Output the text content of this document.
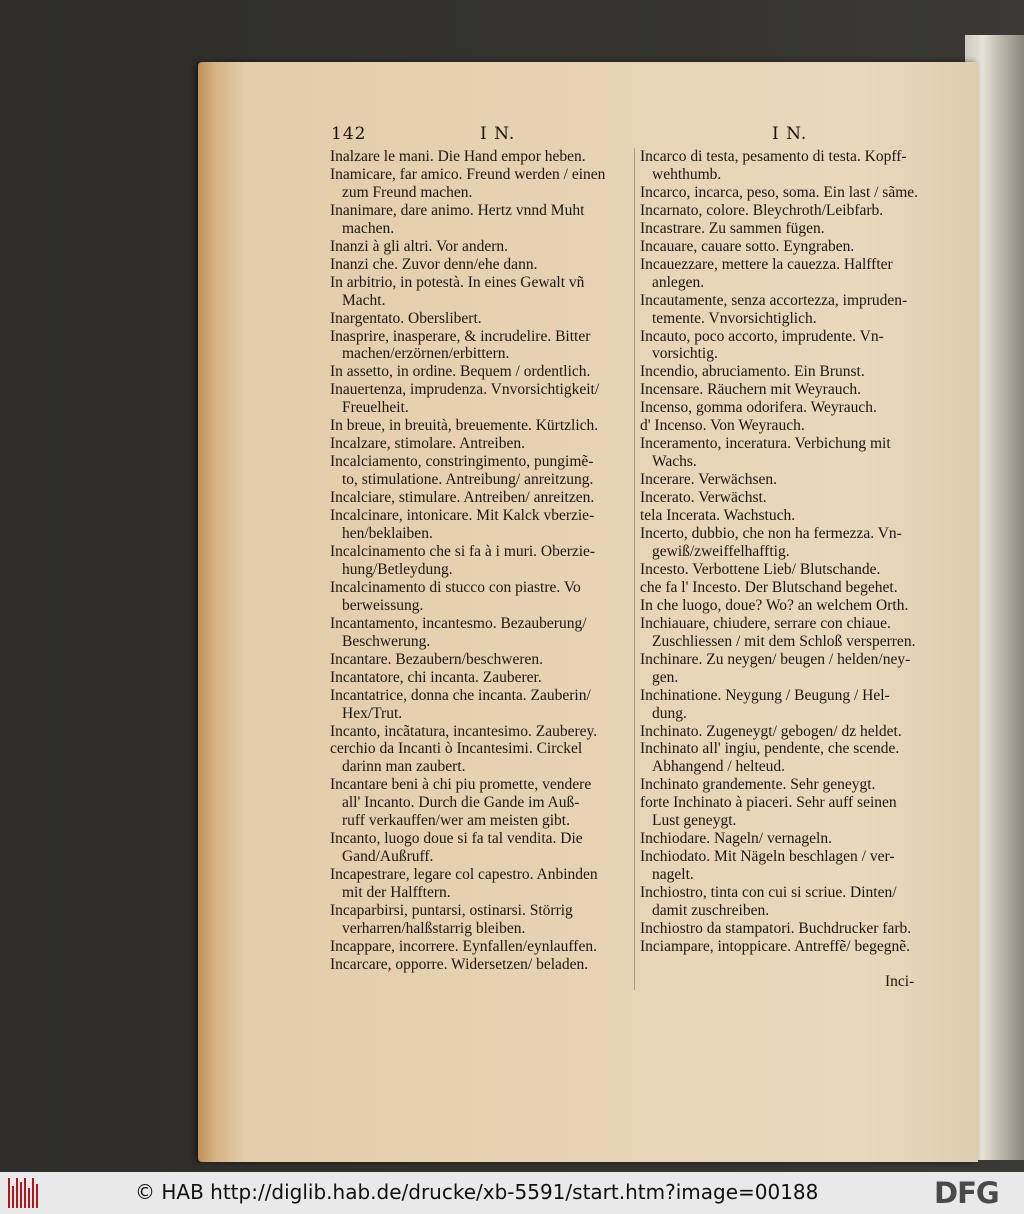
142	I N.	I N.
Inalzare le mani. Die Hand empor heben.
Inamicare, far amico. Freund werden / einen
zum Freund machen.
Inanimare, dare animo. Hertz vnnd Muht
machen.
Inanzi à gli altri. Vor andern.
Inanzi che. Zuvor denn/ehe dann.
In arbitrio, in potestà. In eines Gewalt vñ
Macht.
Inargentato. Oberslibert.
Inasprire, inasperare, & incrudelire. Bitter
machen/erzörnen/erbittern.
In assetto, in ordine. Bequem / ordentlich.
Inauertenza, imprudenza. Vnvorsichtigkeit/
Freuelheit.
In breue, in breuità, breuemente. Kürtzlich.
Incalzare, stimolare. Antreiben.
Incalciamento, constringimento, pungimẽ-
to, stimulatione. Antreibung/ anreitzung.
Incalciare, stimulare. Antreiben/ anreitzen.
Incalcinare, intonicare. Mit Kalck vberzie-
hen/beklaiben.
Incalcinamento che si fa à i muri. Oberzie-
hung/Betleydung.
Incalcinamento di stucco con piastre. Vo
berweissung.
Incantamento, incantesmo. Bezauberung/
Beschwerung.
Incantare. Bezaubern/beschweren.
Incantatore, chi incanta. Zauberer.
Incantatrice, donna che incanta. Zauberin/
Hex/Trut.
Incanto, incãtatura, incantesimo. Zauberey.
cerchio da Incanti ò Incantesimi. Circkel
darinn man zaubert.
Incantare beni à chi piu promette, vendere
all' Incanto. Durch die Gande im Auß-
ruff verkauffen/wer am meisten gibt.
Incanto, luogo doue si fa tal vendita. Die
Gand/Außruff.
Incapestrare, legare col capestro. Anbinden
mit der Halfftern.
Incaparbirsi, puntarsi, ostinarsi. Störrig
verharren/halßstarrig bleiben.
Incappare, incorrere. Eynfallen/eynlauffen.
Incarcare, opporre. Widersetzen/ beladen.
Incarco di testa, pesamento di testa. Kopff-
wehthumb.
Incarco, incarca, peso, soma. Ein last / sãme.
Incarnato, colore. Bleychroth/Leibfarb.
Incastrare. Zu sammen fügen.
Incauare, cauare sotto. Eyngraben.
Incauezzare, mettere la cauezza. Halffter
anlegen.
Incautamente, senza accortezza, impruden-
temente. Vnvorsichtiglich.
Incauto, poco accorto, imprudente. Vn-
vorsichtig.
Incendio, abruciamento. Ein Brunst.
Incensare. Räuchern mit Weyrauch.
Incenso, gomma odorifera. Weyrauch.
d' Incenso. Von Weyrauch.
Inceramento, inceratura. Verbichung mit
Wachs.
Incerare. Verwächsen.
Incerato. Verwächst.
tela Incerata. Wachstuch.
Incerto, dubbio, che non ha fermezza. Vn-
gewiß/zweiffelhafftig.
Incesto. Verbottene Lieb/ Blutschande.
che fa l' Incesto. Der Blutschand begehet.
In che luogo, doue? Wo? an welchem Orth.
Inchiauare, chiudere, serrare con chiaue.
Zuschliessen / mit dem Schloß versperren.
Inchinare. Zu neygen/ beugen / helden/ney-
gen.
Inchinatione. Neygung / Beugung / Hel-
dung.
Inchinato. Zugeneygt/ gebogen/ dz heldet.
Inchinato all' ingiu, pendente, che scende.
Abhangend / helteud.
Inchinato grandemente. Sehr geneygt.
forte Inchinato à piaceri. Sehr auff seinen
Lust geneygt.
Inchiodare. Nageln/ vernageln.
Inchiodato. Mit Nägeln beschlagen / ver-
nagelt.
Inchiostro, tinta con cui si scriue. Dinten/
damit zuschreiben.
Inchiostro da stampatori. Buchdrucker farb.
Inciampare, intoppicare. Antreffẽ/ begegnẽ.
Inci-
© HAB http://diglib.hab.de/drucke/xb-5591/start.htm?image=00188	DFG
